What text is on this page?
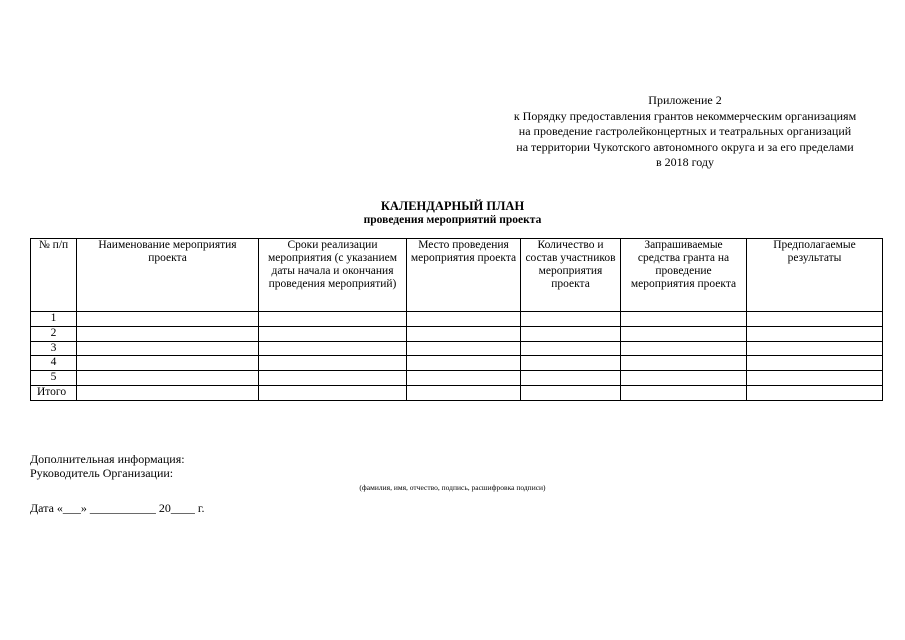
Приложение 2
к Порядку предоставления грантов некоммерческим организациям
на проведение гастролейконцертных и театральных организаций
на территории Чукотского автономного округа и за его пределами
в 2018 году
КАЛЕНДАРНЫЙ ПЛАН
проведения мероприятий проекта
№ п/п	Наименование мероприятия проекта	Сроки реализации мероприятия (с указанием даты начала и окончания проведения мероприятий)	Место проведения мероприятия проекта	Количество и состав участников мероприятия проекта	Запрашиваемые средства гранта на проведение мероприятия проекта	Предполагаемые результаты
1						
2						
3						
4						
5						
Итого						
Дополнительная информация:
Руководитель Организации:
(фамилия, имя, отчество, подпись, расшифровка подписи)
Дата «___» ___________ 20____ г.
